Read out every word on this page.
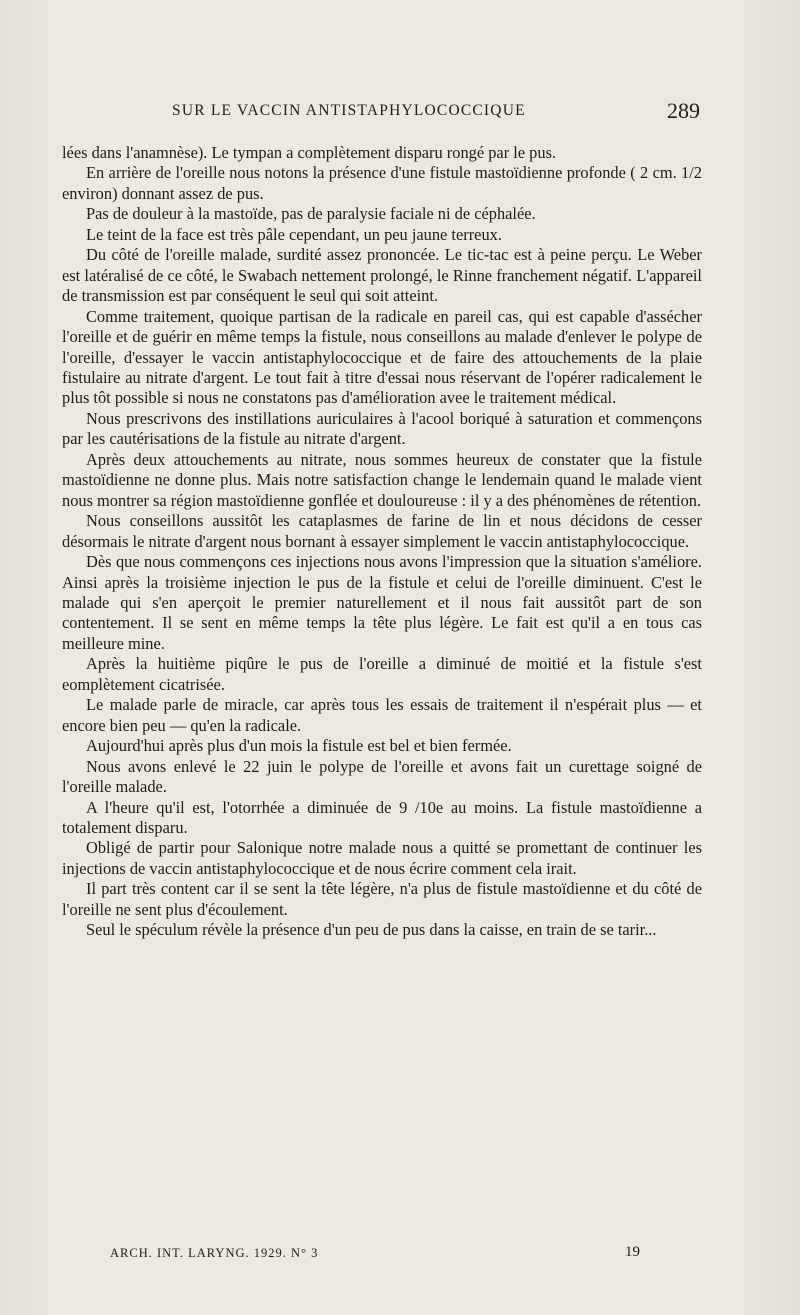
SUR LE VACCIN ANTISTAPHYLOCOCCIQUE	289

lées dans l'anamnèse). Le tympan a complètement disparu rongé par le pus.

En arrière de l'oreille nous notons la présence d'une fistule mastoïdienne profonde ( 2 cm. 1/2 environ) donnant assez de pus.

Pas de douleur à la mastoïde, pas de paralysie faciale ni de céphalée.

Le teint de la face est très pâle cependant, un peu jaune terreux.

Du côté de l'oreille malade, surdité assez prononcée. Le tic-tac est à peine perçu. Le Weber est latéralisé de ce côté, le Swabach nettement prolongé, le Rinne franchement négatif. L'appareil de transmission est par conséquent le seul qui soit atteint.

Comme traitement, quoique partisan de la radicale en pareil cas, qui est capable d'assécher l'oreille et de guérir en même temps la fistule, nous conseillons au malade d'enlever le polype de l'oreille, d'essayer le vaccin antistaphylococcique et de faire des attouchements de la plaie fistulaire au nitrate d'argent. Le tout fait à titre d'essai nous réservant de l'opérer radicalement le plus tôt possible si nous ne constatons pas d'amélioration avee le traitement médical.

Nous prescrivons des instillations auriculaires à l'acool boriqué à saturation et commençons par les cautérisations de la fistule au nitrate d'argent.

Après deux attouchements au nitrate, nous sommes heureux de constater que la fistule mastoïdienne ne donne plus. Mais notre satisfaction change le lendemain quand le malade vient nous montrer sa région mastoïdienne gonflée et douloureuse : il y a des phénomènes de rétention.

Nous conseillons aussitôt les cataplasmes de farine de lin et nous décidons de cesser désormais le nitrate d'argent nous bornant à essayer simplement le vaccin antistaphylococcique.

Dès que nous commençons ces injections nous avons l'impression que la situation s'améliore. Ainsi après la troisième injection le pus de la fistule et celui de l'oreille diminuent. C'est le malade qui s'en aperçoit le premier naturellement et il nous fait aussitôt part de son contentement. Il se sent en même temps la tête plus légère. Le fait est qu'il a en tous cas meilleure mine.

Après la huitième piqûre le pus de l'oreille a diminué de moitié et la fistule s'est eomplètement cicatrisée.

Le malade parle de miracle, car après tous les essais de traitement il n'espérait plus — et encore bien peu — qu'en la radicale.

Aujourd'hui après plus d'un mois la fistule est bel et bien fermée.

Nous avons enlevé le 22 juin le polype de l'oreille et avons fait un curettage soigné de l'oreille malade.

A l'heure qu'il est, l'otorrhée a diminuée de 9 /10e au moins. La fistule mastoïdienne a totalement disparu.

Obligé de partir pour Salonique notre malade nous a quitté se promettant de continuer les injections de vaccin antistaphylococcique et de nous écrire comment cela irait.

Il part très content car il se sent la tête légère, n'a plus de fistule mastoïdienne et du côté de l'oreille ne sent plus d'écoulement.

Seul le spéculum révèle la présence d'un peu de pus dans la caisse, en train de se tarir...

ARCH. INT. LARYNG. 1929. N° 3	19
